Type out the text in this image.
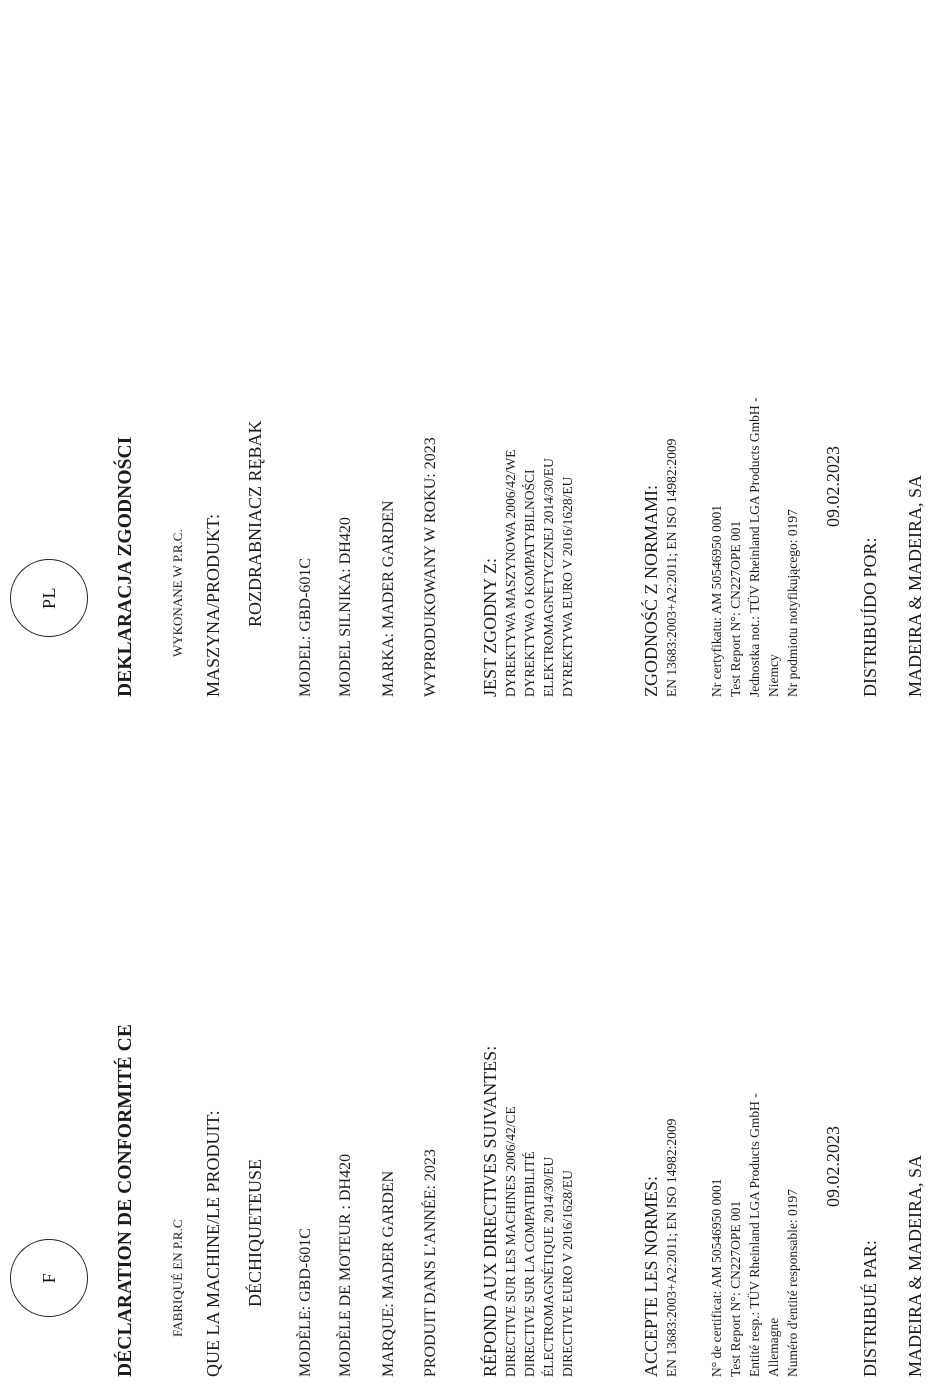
F	DÉCLARATION DE CONFORMITÉ CE	FABRIQUÉ EN P.R.C QUE LA MACHINE/LE PRODUIT: DÉCHIQUETEUSE MODÈLE: GBD-601C MODÈLE DE MOTEUR : DH420 MARQUE: MADER GARDEN PRODUIT DANS L'ANNÉE: 2023 RÉPOND AUX DIRECTIVES SUIVANTES: DIRECTIVE SUR LES MACHINES 2006/42/CE DIRECTIVE SUR LA COMPATIBILITÉ ÉLECTROMAGNÉTIQUE 2014/30/EU DIRECTIVE EURO V 2016/1628/EU	ACCEPTE LES NORMES: EN 13683:2003+A2:2011; EN ISO 14982:2009 N° de certificat: AM 50546950 0001 Test Report N°: CN227OPE 001 Entité resp.: TÜV Rheinland LGA Products GmbH - Allemagne Numéro d'entité responsable: 0197
09.02.2023
DISTRIBUÉ PAR: MADEIRA & MADEIRA, SA
PL	DEKLARACJA ZGODNOŚCI	WYKONANE W P.R.C. MASZYNA/PRODUKT: ROZDRABNIACZ RĘBAK
MODEL: GBD-601C MODEL SILNIKA: DH420 MARKA: MADER GARDEN WYPRODUKOWANY W ROKU: 2023 JEST ZGODNY Z: DYREKTYWA MASZYNOWA 2006/42/WE DYREKTYWA O KOMPATYBILNOŚCI ELEKTROMAGNETYCZNEJ 2014/30/EU DYREKTYWA EURO V 2016/1628/EU	ZGODNOŚĆ Z NORMAMI: EN 13683:2003+A2:2011; EN ISO 14982:2009 Nr certyfikatu: AM 50546950 0001 Test Report N°: CN227OPE 001 Jednostka not.: TÜV Rheinland LGA Products GmbH - Niemcy Nr podmiotu notyfikującego: 0197
09.02.2023
DISTRIBUÍDO POR: MADEIRA & MADEIRA, SA
